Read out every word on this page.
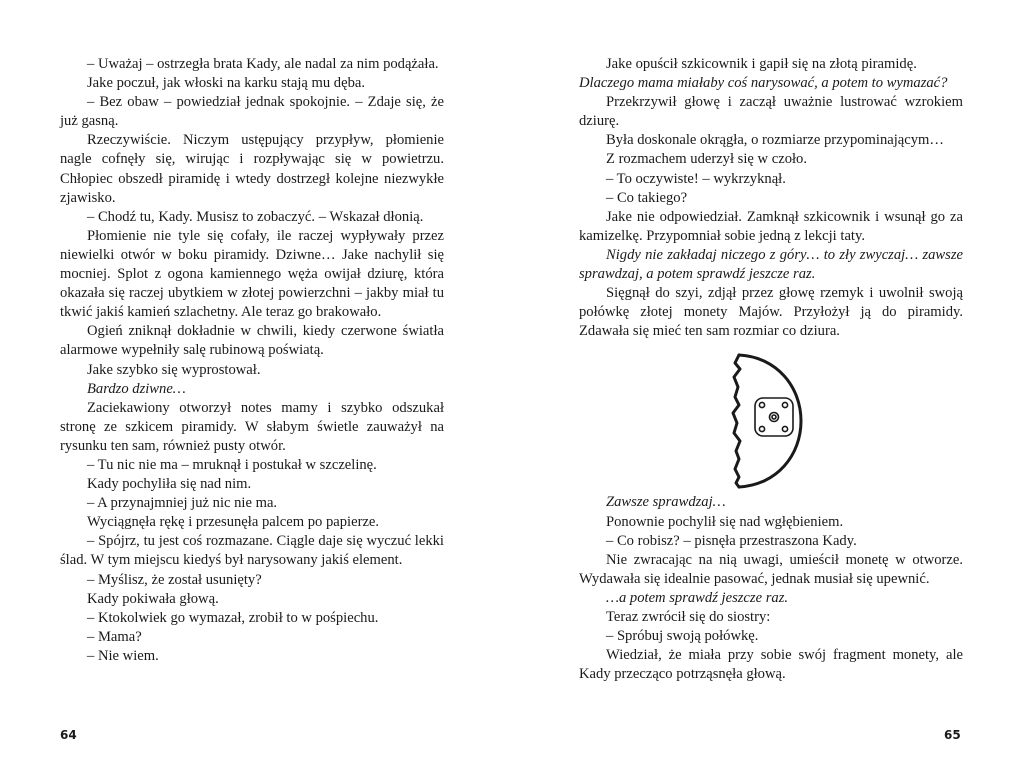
– Uważaj – ostrzegła brata Kady, ale nadal za nim podążała.

Jake poczuł, jak włoski na karku stają mu dęba.

– Bez obaw – powiedział jednak spokojnie. – Zdaje się, że już gasną.

Rzeczywiście. Niczym ustępujący przypływ, płomienie nagle cofnęły się, wirując i rozpływając się w powietrzu. Chłopiec obszedł piramidę i wtedy dostrzegł kolejne niezwykłe zjawisko.

– Chodź tu, Kady. Musisz to zobaczyć. – Wskazał dłonią.

Płomienie nie tyle się cofały, ile raczej wypływały przez niewielki otwór w boku piramidy. Dziwne… Jake nachylił się mocniej. Splot z ogona kamiennego węża owijał dziurę, która okazała się raczej ubytkiem w złotej powierzchni – jakby miał tu tkwić jakiś kamień szlachetny. Ale teraz go brakowało.

Ogień zniknął dokładnie w chwili, kiedy czerwone światła alarmowe wypełniły salę rubinową poświatą.

Jake szybko się wyprostował.

Bardzo dziwne…

Zaciekawiony otworzył notes mamy i szybko odszukał stronę ze szkicem piramidy. W słabym świetle zauważył na rysunku ten sam, również pusty otwór.

– Tu nic nie ma – mruknął i postukał w szczelinę.

Kady pochyliła się nad nim.

– A przynajmniej już nic nie ma.

Wyciągnęła rękę i przesunęła palcem po papierze.

– Spójrz, tu jest coś rozmazane. Ciągle daje się wyczuć lekki ślad. W tym miejscu kiedyś był narysowany jakiś element.

– Myślisz, że został usunięty?

Kady pokiwała głową.

– Ktokolwiek go wymazał, zrobił to w pośpiechu.

– Mama?

– Nie wiem.

64

Jake opuścił szkicownik i gapił się na złotą piramidę.

Dlaczego mama miałaby coś narysować, a potem to wymazać?

Przekrzywił głowę i zaczął uważnie lustrować wzrokiem dziurę.

Była doskonale okrągła, o rozmiarze przypominającym…

Z rozmachem uderzył się w czoło.

– To oczywiste! – wykrzyknął.

– Co takiego?

Jake nie odpowiedział. Zamknął szkicownik i wsunął go za kamizelkę. Przypomniał sobie jedną z lekcji taty.

Nigdy nie zakładaj niczego z góry… to zły zwyczaj… zawsze sprawdzaj, a potem sprawdź jeszcze raz.

Sięgnął do szyi, zdjął przez głowę rzemyk i uwolnił swoją połówkę złotej monety Majów. Przyłożył ją do piramidy. Zdawała się mieć ten sam rozmiar co dziura.

Zawsze sprawdzaj…

Ponownie pochylił się nad wgłębieniem.

– Co robisz? – pisnęła przestraszona Kady.

Nie zwracając na nią uwagi, umieścił monetę w otworze. Wydawała się idealnie pasować, jednak musiał się upewnić.

…a potem sprawdź jeszcze raz.

Teraz zwrócił się do siostry:

– Spróbuj swoją połówkę.

Wiedział, że miała przy sobie swój fragment monety, ale Kady przecząco potrząsnęła głową.

65
